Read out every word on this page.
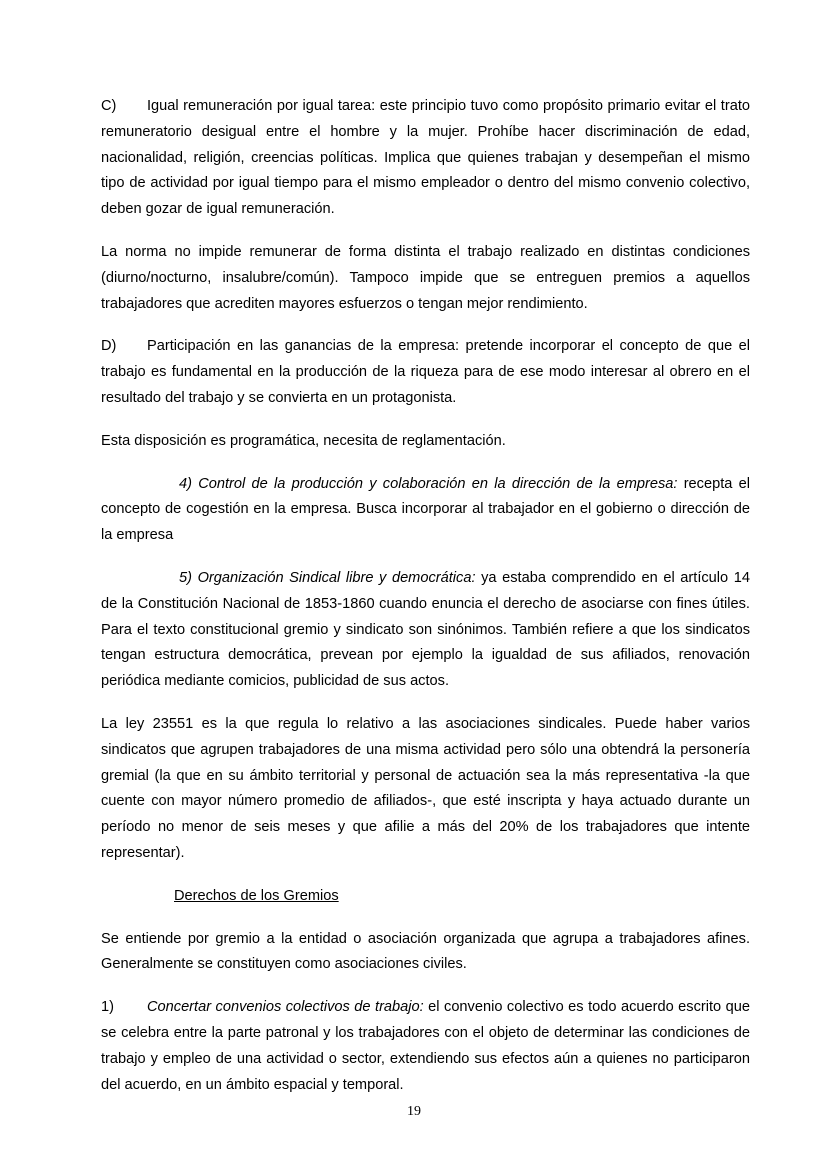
C) Igual remuneración por igual tarea: este principio tuvo como propósito primario evitar el trato remuneratorio desigual entre el hombre y la mujer. Prohíbe hacer discriminación de edad, nacionalidad, religión, creencias políticas. Implica que quienes trabajan y desempeñan el mismo tipo de actividad por igual tiempo para el mismo empleador o dentro del mismo convenio colectivo, deben gozar de igual remuneración.

La norma no impide remunerar de forma distinta el trabajo realizado en distintas condiciones (diurno/nocturno, insalubre/común). Tampoco impide que se entreguen premios a aquellos trabajadores que acrediten mayores esfuerzos o tengan mejor rendimiento.

D) Participación en las ganancias de la empresa: pretende incorporar el concepto de que el trabajo es fundamental en la producción de la riqueza para de ese modo interesar al obrero en el resultado del trabajo y se convierta en un protagonista.

Esta disposición es programática, necesita de reglamentación.

4) Control de la producción y colaboración en la dirección de la empresa: recepta el concepto de cogestión en la empresa. Busca incorporar al trabajador en el gobierno o dirección de la empresa

5) Organización Sindical libre y democrática: ya estaba comprendido en el artículo 14 de la Constitución Nacional de 1853-1860 cuando enuncia el derecho de asociarse con fines útiles. Para el texto constitucional gremio y sindicato son sinónimos. También refiere a que los sindicatos tengan estructura democrática, prevean por ejemplo la igualdad de sus afiliados, renovación periódica mediante comicios, publicidad de sus actos.

La ley 23551 es la que regula lo relativo a las asociaciones sindicales. Puede haber varios sindicatos que agrupen trabajadores de una misma actividad pero sólo una obtendrá la personería gremial (la que en su ámbito territorial y personal de actuación sea la más representativa -la que cuente con mayor número promedio de afiliados-, que esté inscripta y haya actuado durante un período no menor de seis meses y que afilie a más del 20% de los trabajadores que intente representar).

Derechos de los Gremios

Se entiende por gremio a la entidad o asociación organizada que agrupa a trabajadores afines. Generalmente se constituyen como asociaciones civiles.

1) Concertar convenios colectivos de trabajo: el convenio colectivo es todo acuerdo escrito que se celebra entre la parte patronal y los trabajadores con el objeto de determinar las condiciones de trabajo y empleo de una actividad o sector, extendiendo sus efectos aún a quienes no participaron del acuerdo, en un ámbito espacial y temporal.

19
